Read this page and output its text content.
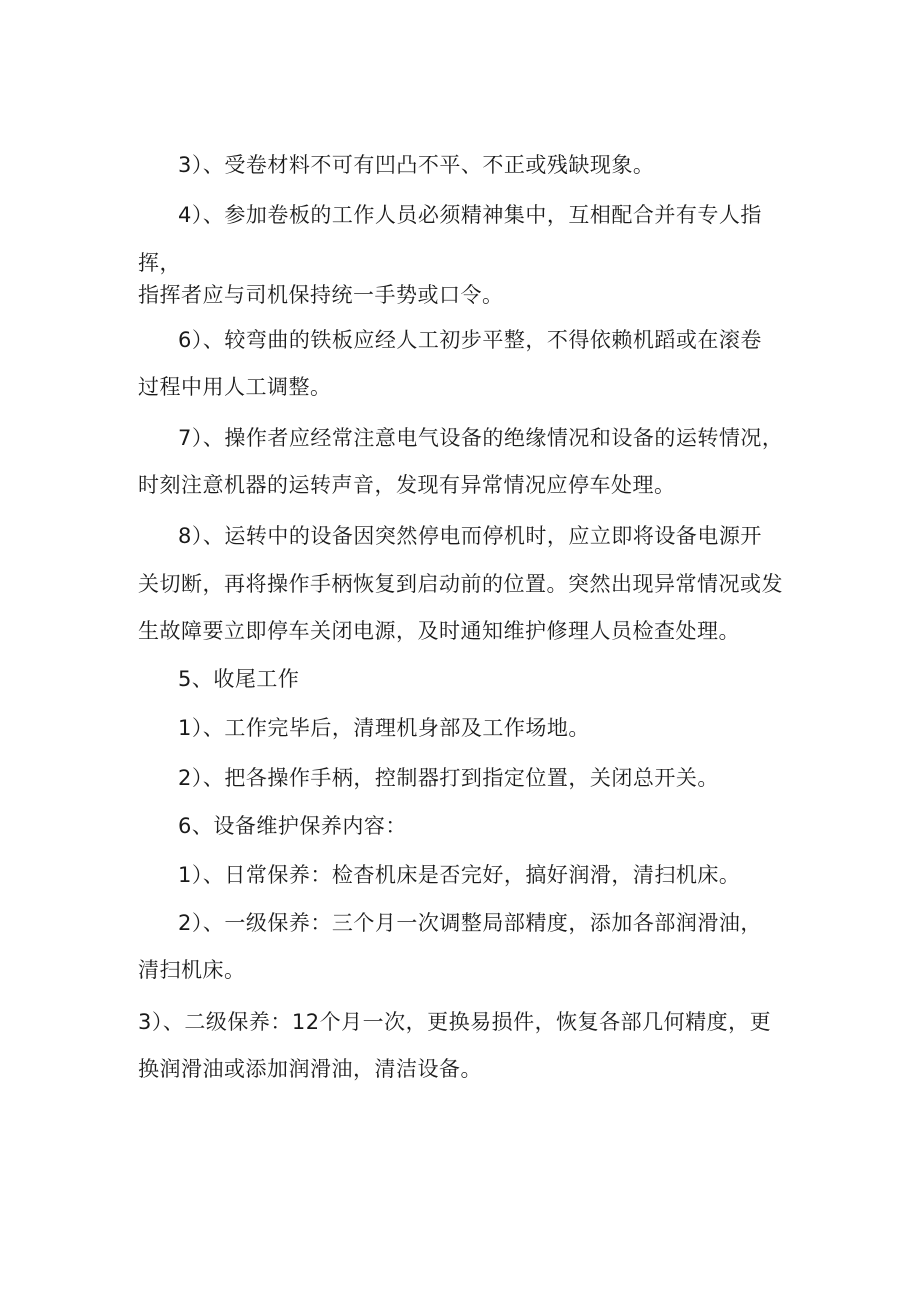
3）、受卷材料不可有凹凸不平、不正或残缺现象。
4）、参加卷板的工作人员必须精神集中，互相配合并有专人指
挥，
指挥者应与司机保持统一手势或口令。
6）、较弯曲的铁板应经人工初步平整，不得依赖机蹈或在滚卷
过程中用人工调整。
7）、操作者应经常注意电气设备的绝缘情况和设备的运转情况，
时刻注意机器的运转声音，发现有异常情况应停车处理。
8）、运转中的设备因突然停电而停机时，应立即将设备电源开
关切断，再将操作手柄恢复到启动前的位置。突然出现异常情况或发
生故障要立即停车关闭电源，及时通知维护修理人员检查处理。
5、收尾工作
1）、工作完毕后，清理机身部及工作场地。
2）、把各操作手柄，控制器打到指定位置，关闭总开关。
6、设备维护保养内容：
1）、日常保养：检杳机床是否完好，搞好润滑，清扫机床。
2）、一级保养：三个月一次调整局部精度，添加各部润滑油，
清扫机床。
3）、二级保养：12个月一次，更换易损件，恢复各部几何精度，更
换润滑油或添加润滑油，清洁设备。
